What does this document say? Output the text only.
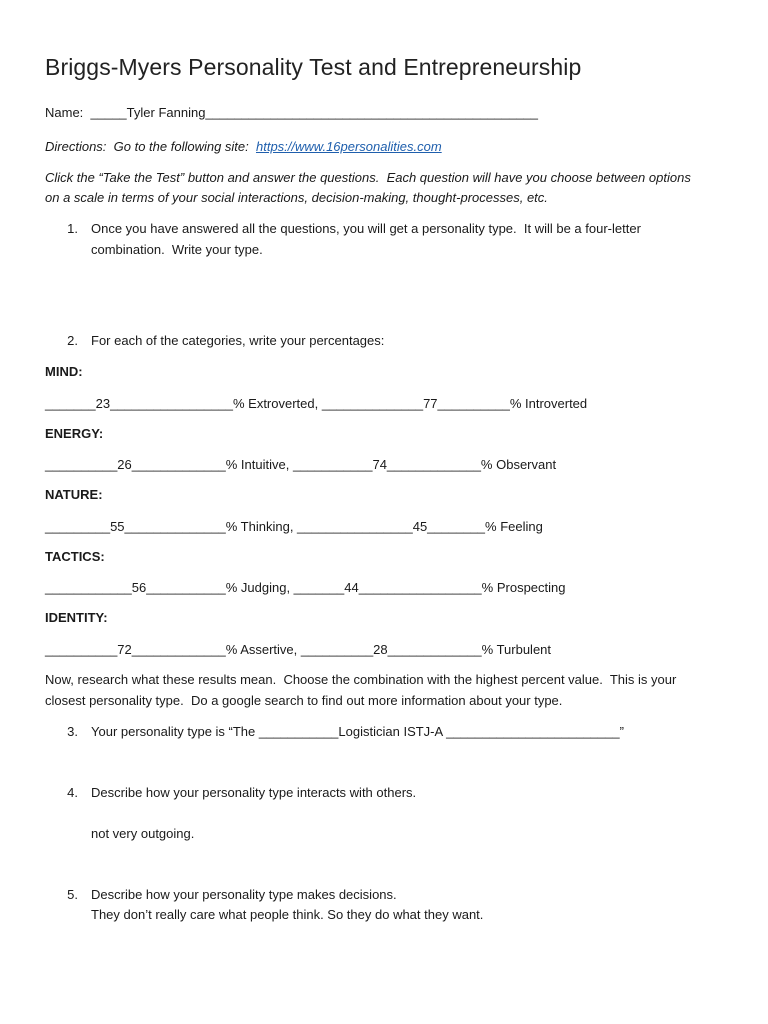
Briggs-Myers Personality Test and Entrepreneurship
Name:  _____Tyler Fanning______________________________________________
Directions:  Go to the following site:  https://www.16personalities.com
Click the “Take the Test” button and answer the questions.  Each question will have you choose between options
on a scale in terms of your social interactions, decision-making, thought-processes, etc.
1. Once you have answered all the questions, you will get a personality type.  It will be a four-letter
combination.  Write your type.
2. For each of the categories, write your percentages:
MIND:
_______23_________________% Extroverted, ______________77__________% Introverted
ENERGY:
__________26_____________% Intuitive, ___________74_____________% Observant
NATURE:
_________55______________% Thinking, ________________45________% Feeling
TACTICS:
____________56___________% Judging, _______44_________________% Prospecting
IDENTITY:
__________72_____________% Assertive, __________28_____________% Turbulent
Now, research what these results mean.  Choose the combination with the highest percent value.  This is your
closest personality type.  Do a google search to find out more information about your type.
3. Your personality type is “The ___________Logistician ISTJ-A ________________________”
4. Describe how your personality type interacts with others.
not very outgoing.
5. Describe how your personality type makes decisions.
They don’t really care what people think. So they do what they want.
